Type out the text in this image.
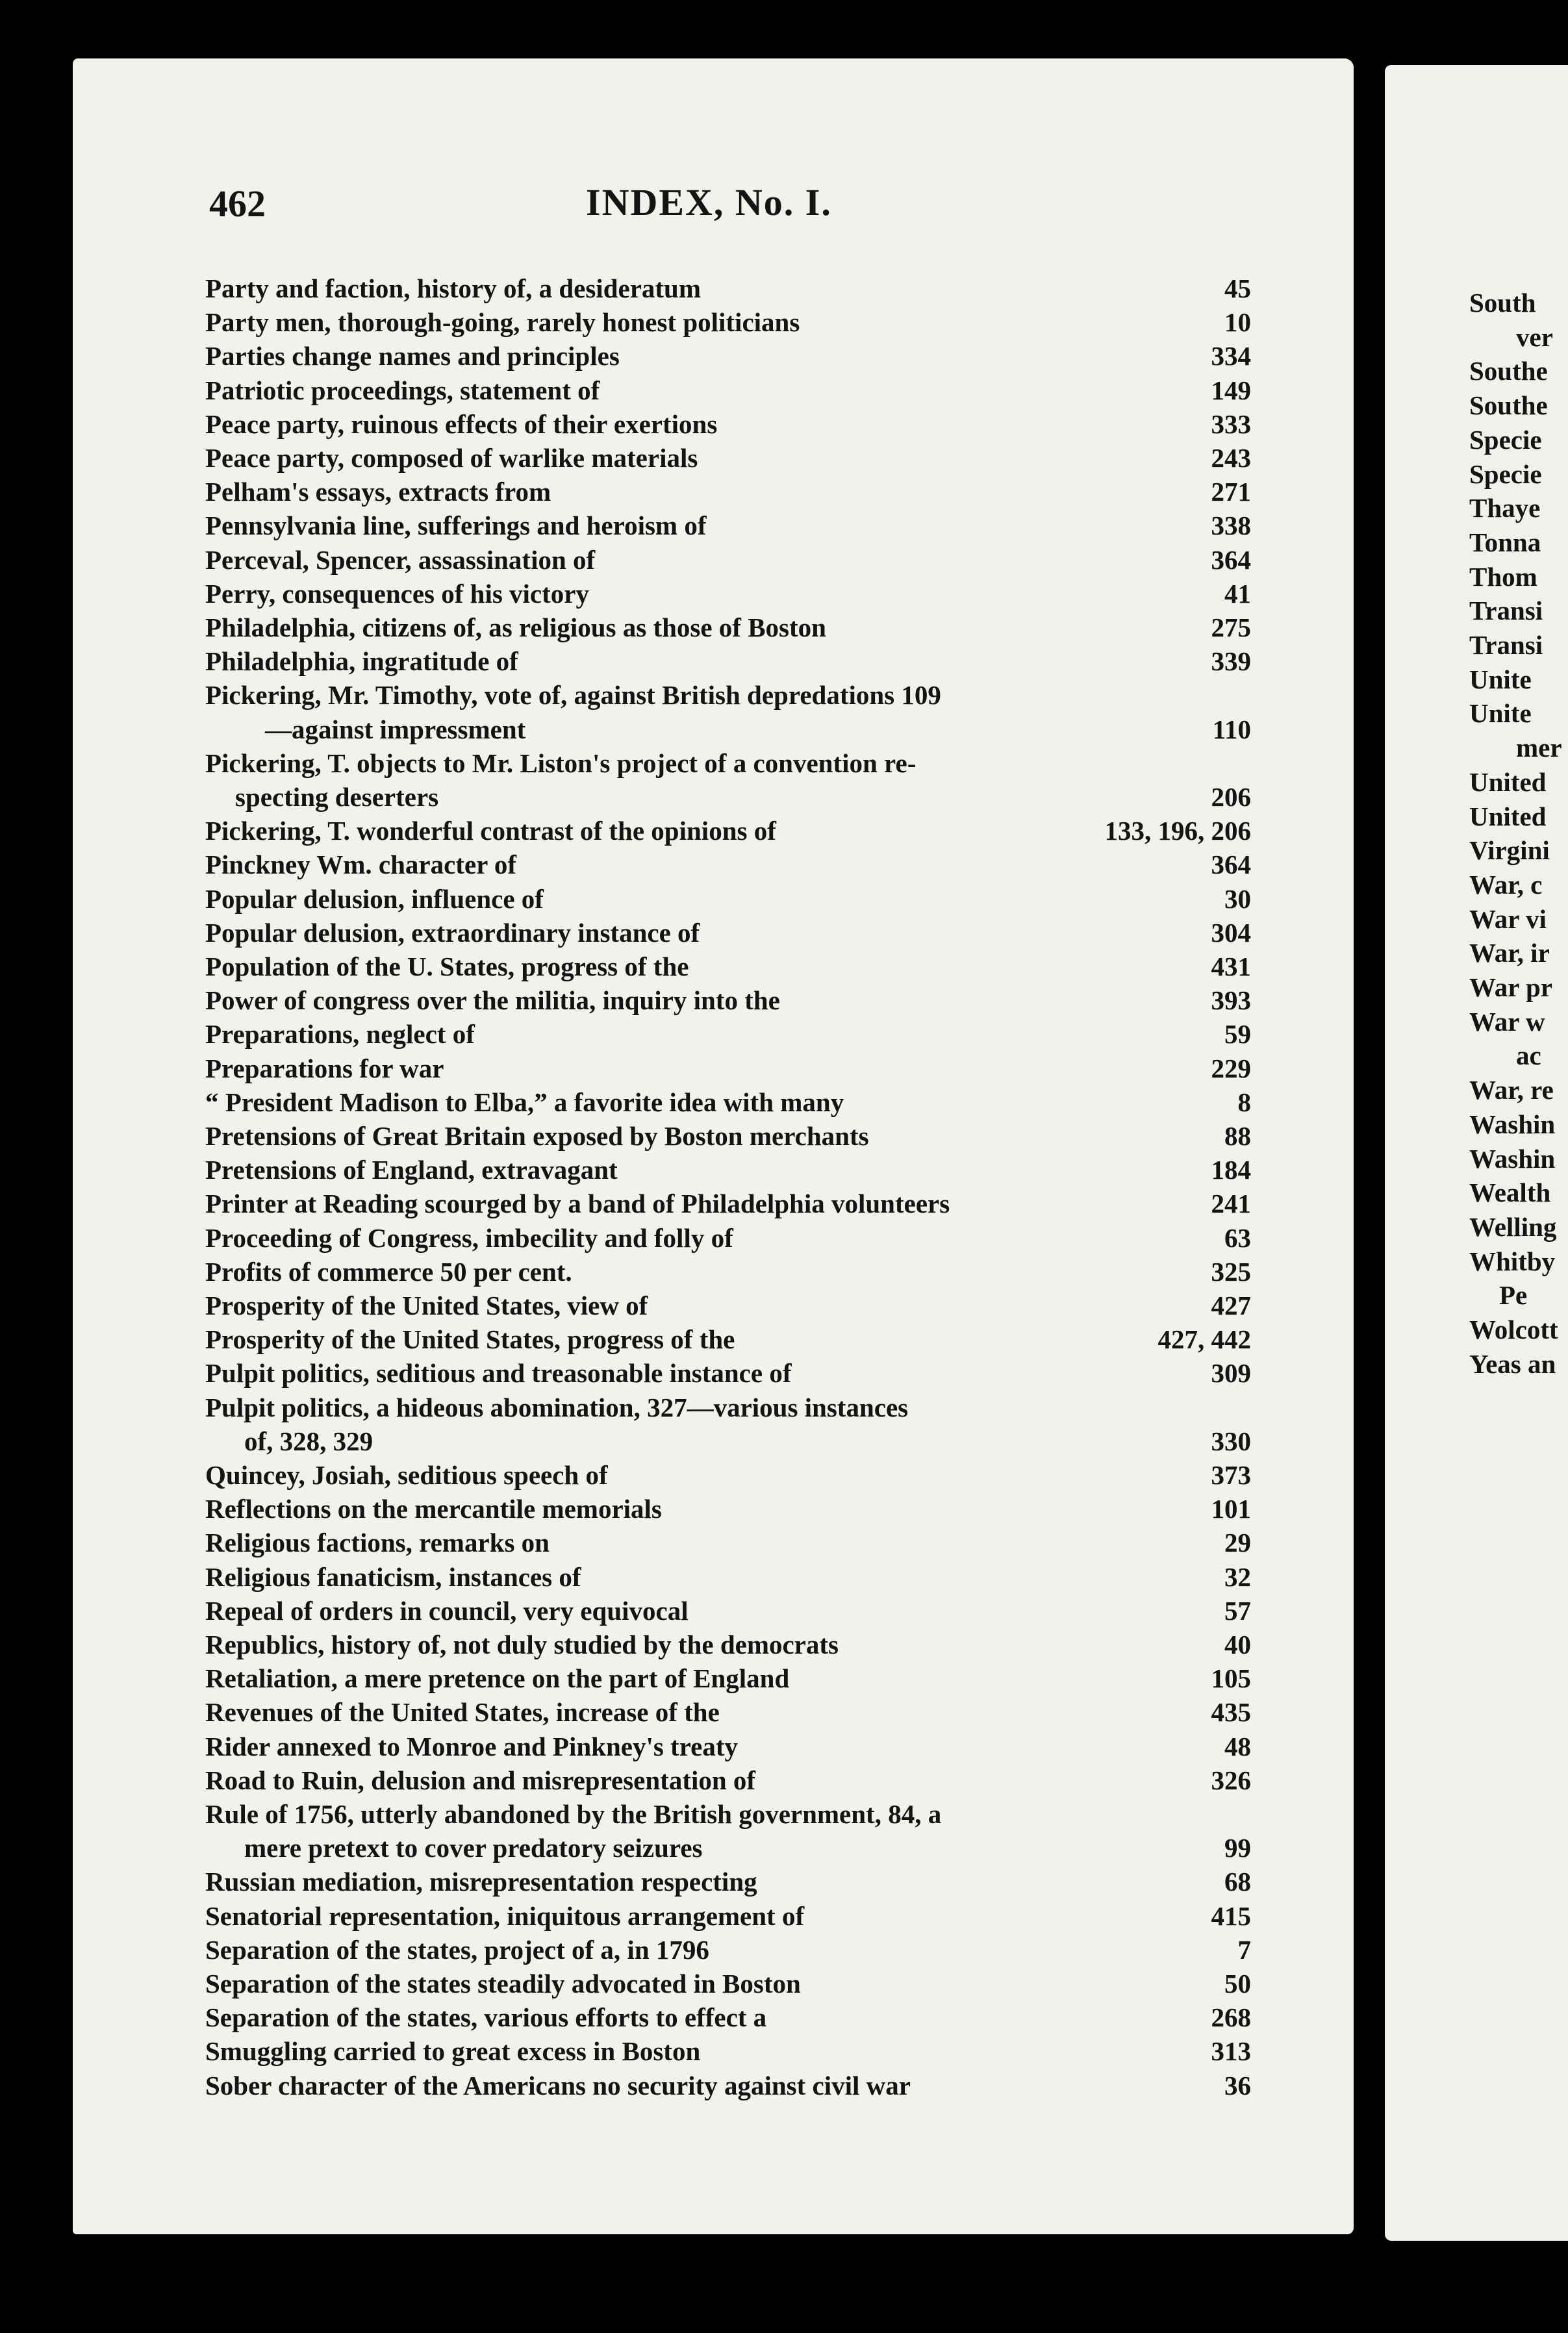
462	INDEX, No. I.
Party and faction, history of, a desideratum	45
Party men, thorough-going, rarely honest politicians	10
Parties change names and principles	334
Patriotic proceedings, statement of	149
Peace party, ruinous effects of their exertions	333
Peace party, composed of warlike materials	243
Pelham's essays, extracts from	271
Pennsylvania line, sufferings and heroism of	338
Perceval, Spencer, assassination of	364
Perry, consequences of his victory	41
Philadelphia, citizens of, as religious as those of Boston	275
Philadelphia, ingratitude of	339
Pickering, Mr. Timothy, vote of, against British depredations 109
—against impressment	110
Pickering, T. objects to Mr. Liston's project of a convention re-
specting deserters	206
Pickering, T. wonderful contrast of the opinions of	133, 196, 206
Pinckney Wm. character of	364
Popular delusion, influence of	30
Popular delusion, extraordinary instance of	304
Population of the U. States, progress of the	431
Power of congress over the militia, inquiry into the	393
Preparations, neglect of	59
Preparations for war	229
“ President Madison to Elba,” a favorite idea with many	8
Pretensions of Great Britain exposed by Boston merchants	88
Pretensions of England, extravagant	184
Printer at Reading scourged by a band of Philadelphia volunteers	241
Proceeding of Congress, imbecility and folly of	63
Profits of commerce 50 per cent.	325
Prosperity of the United States, view of	427
Prosperity of the United States, progress of the	427, 442
Pulpit politics, seditious and treasonable instance of	309
Pulpit politics, a hideous abomination, 327—various instances
of, 328, 329	330
Quincey, Josiah, seditious speech of	373
Reflections on the mercantile memorials	101
Religious factions, remarks on	29
Religious fanaticism, instances of	32
Repeal of orders in council, very equivocal	57
Republics, history of, not duly studied by the democrats	40
Retaliation, a mere pretence on the part of England	105
Revenues of the United States, increase of the	435
Rider annexed to Monroe and Pinkney's treaty	48
Road to Ruin, delusion and misrepresentation of	326
Rule of 1756, utterly abandoned by the British government, 84, a
mere pretext to cover predatory seizures	99
Russian mediation, misrepresentation respecting	68
Senatorial representation, iniquitous arrangement of	415
Separation of the states, project of a, in 1796	7
Separation of the states steadily advocated in Boston	50
Separation of the states, various efforts to effect a	268
Smuggling carried to great excess in Boston	313
Sober character of the Americans no security against civil war	36
South
ver
Southe
Southe
Specie
Specie
Thaye
Tonna
Thom
Transi
Transi
Unite
Unite
mer
United
United
Virgini
War, c
War vi
War, ir
War pr
War w
ac
War, re
Washin
Washin
Wealth
Welling
Whitby
Pe
Wolcott
Yeas an
